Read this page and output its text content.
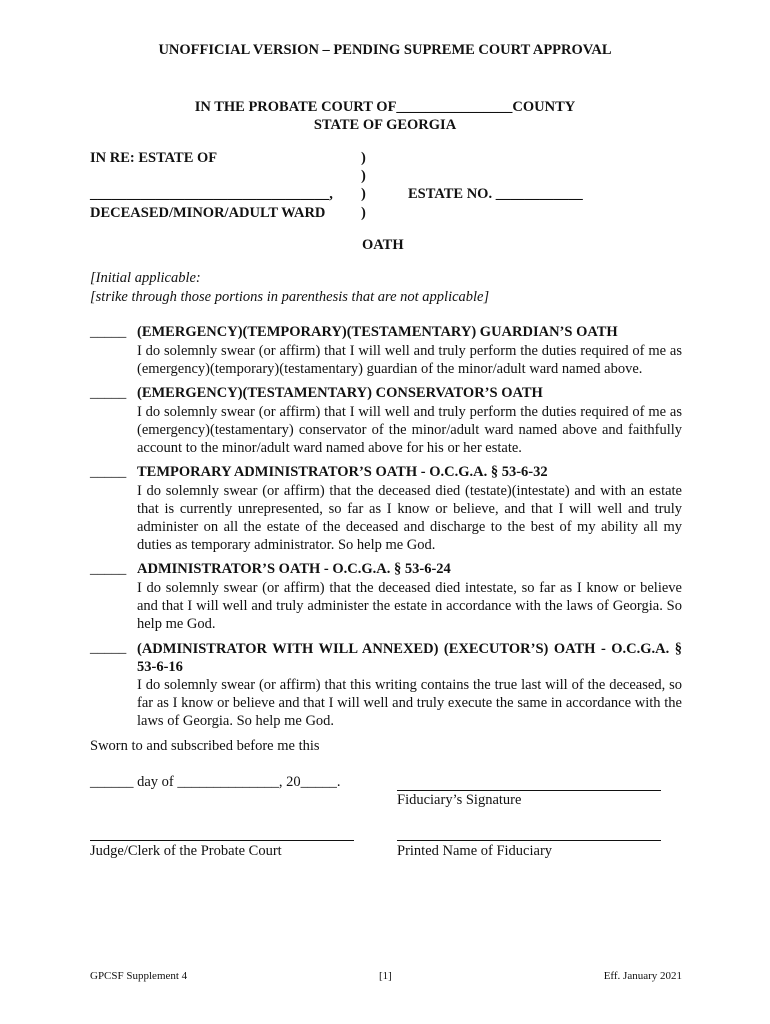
UNOFFICIAL VERSION – PENDING SUPREME COURT APPROVAL
IN THE PROBATE COURT OF________________COUNTY
STATE OF GEORGIA
IN RE: ESTATE OF
_________________________________,
DECEASED/MINOR/ADULT WARD
)
)
)
)
ESTATE NO. ____________
OATH
[Initial applicable:
[strike through those portions in parenthesis that are not applicable]
_____ (EMERGENCY)(TEMPORARY)(TESTAMENTARY) GUARDIAN’S OATH
I do solemnly swear (or affirm) that I will well and truly perform the duties required of me as (emergency)(temporary)(testamentary) guardian of the minor/adult ward named above.
_____ (EMERGENCY)(TESTAMENTARY) CONSERVATOR’S OATH
I do solemnly swear (or affirm) that I will well and truly perform the duties required of me as (emergency)(testamentary) conservator of the minor/adult ward named above and faithfully account to the minor/adult ward named above for his or her estate.
_____ TEMPORARY ADMINISTRATOR’S OATH - O.C.G.A. § 53-6-32
I do solemnly swear (or affirm) that the deceased died (testate)(intestate) and with an estate that is currently unrepresented, so far as I know or believe, and that I will well and truly administer on all the estate of the deceased and discharge to the best of my ability all my duties as temporary administrator. So help me God.
_____ ADMINISTRATOR’S OATH - O.C.G.A. § 53-6-24
I do solemnly swear (or affirm) that the deceased died intestate, so far as I know or believe and that I will well and truly administer the estate in accordance with the laws of Georgia. So help me God.
_____ (ADMINISTRATOR WITH WILL ANNEXED) (EXECUTOR’S) OATH - O.C.G.A. § 53-6-16
I do solemnly swear (or affirm) that this writing contains the true last will of the deceased, so far as I know or believe and that I will well and truly execute the same in accordance with the laws of Georgia. So help me God.
Sworn to and subscribed before me this
______ day of ______________, 20_____.
Fiduciary’s Signature
Judge/Clerk of the Probate Court	Printed Name of Fiduciary
GPCSF Supplement 4	[1]	Eff. January 2021
